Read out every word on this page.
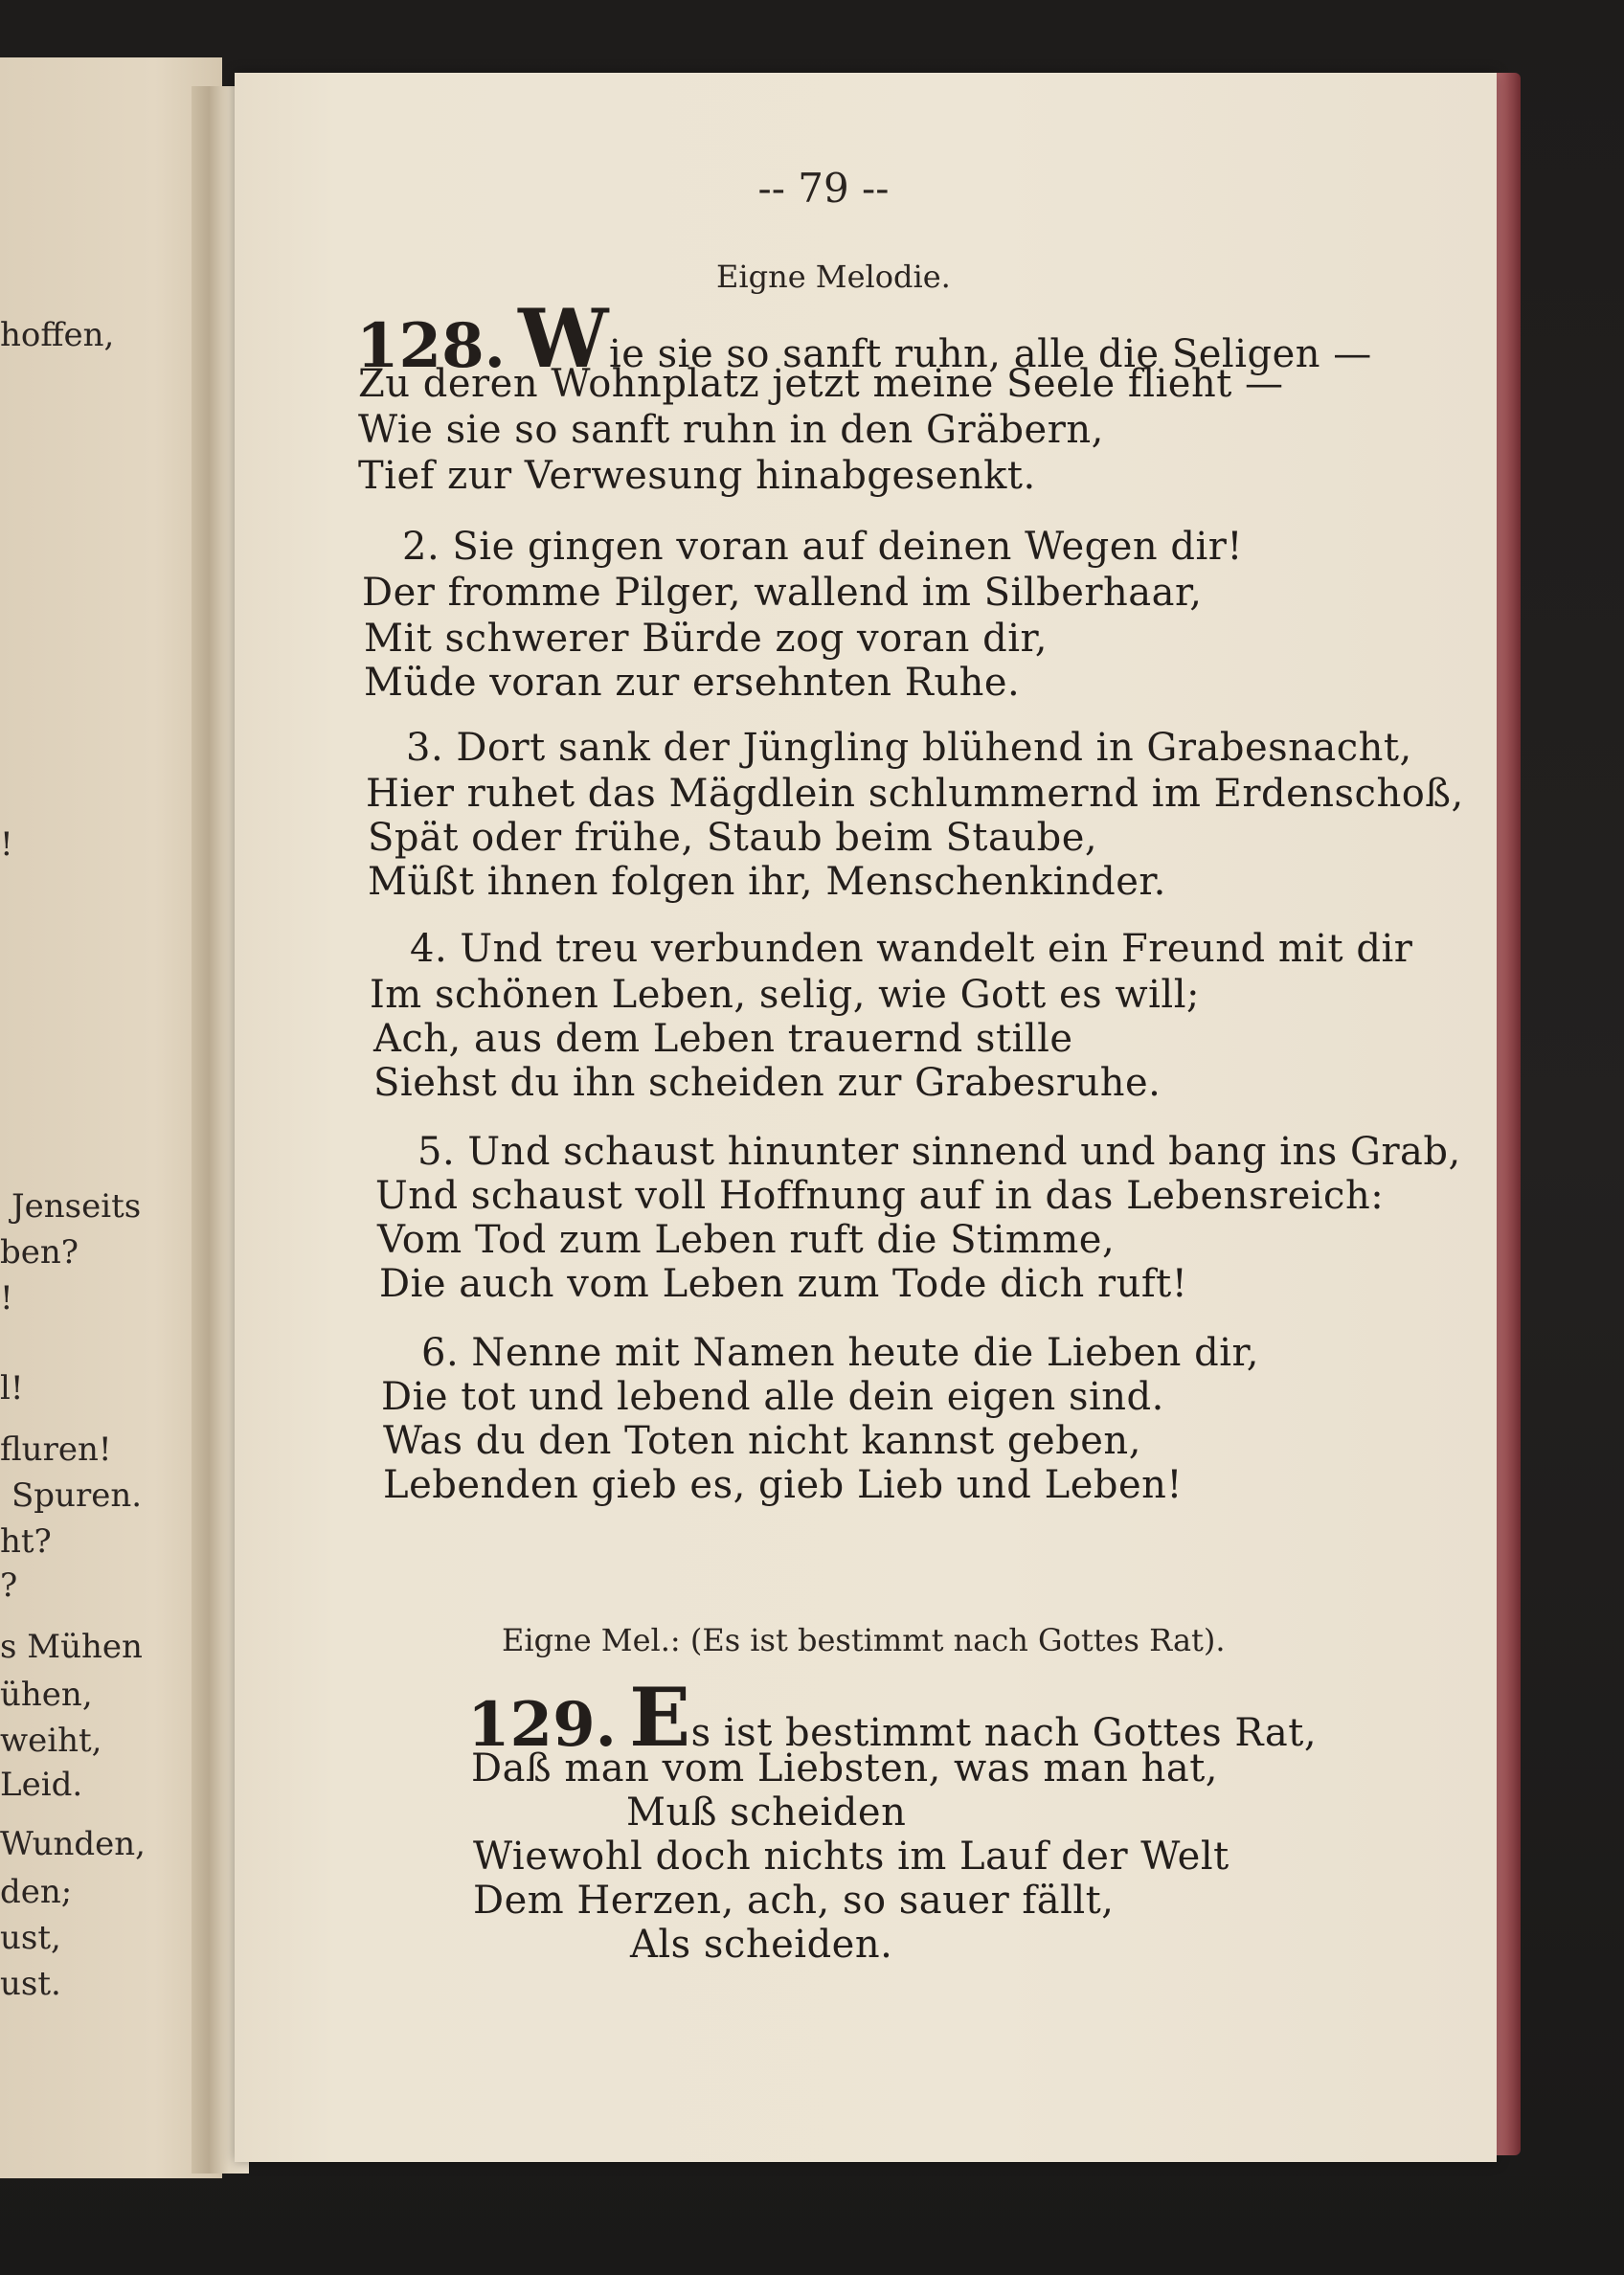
hoffen,
!
Jenseits
ben?
!
l!
fluren!
Spuren.
ht?
?
s Mühen
ühen,
weiht,
Leid.
Wunden,
den;
ust,
ust.
-- 79 --
Eigne Melodie.
128. Wie sie so sanft ruhn, alle die Seligen —
Zu deren Wohnplatz jetzt meine Seele flieht —
Wie sie so sanft ruhn in den Gräbern,
Tief zur Verwesung hinabgesenkt.
2. Sie gingen voran auf deinen Wegen dir!
Der fromme Pilger, wallend im Silberhaar,
Mit schwerer Bürde zog voran dir,
Müde voran zur ersehnten Ruhe.
3. Dort sank der Jüngling blühend in Grabesnacht,
Hier ruhet das Mägdlein schlummernd im Erdenschoß,
Spät oder frühe, Staub beim Staube,
Müßt ihnen folgen ihr, Menschenkinder.
4. Und treu verbunden wandelt ein Freund mit dir
Im schönen Leben, selig, wie Gott es will;
Ach, aus dem Leben trauernd stille
Siehst du ihn scheiden zur Grabesruhe.
5. Und schaust hinunter sinnend und bang ins Grab,
Und schaust voll Hoffnung auf in das Lebensreich:
Vom Tod zum Leben ruft die Stimme,
Die auch vom Leben zum Tode dich ruft!
6. Nenne mit Namen heute die Lieben dir,
Die tot und lebend alle dein eigen sind.
Was du den Toten nicht kannst geben,
Lebenden gieb es, gieb Lieb und Leben!
Eigne Mel.: (Es ist bestimmt nach Gottes Rat).
129. Es ist bestimmt nach Gottes Rat,
Daß man vom Liebsten, was man hat,
Muß scheiden
Wiewohl doch nichts im Lauf der Welt
Dem Herzen, ach, so sauer fällt,
Als scheiden.
